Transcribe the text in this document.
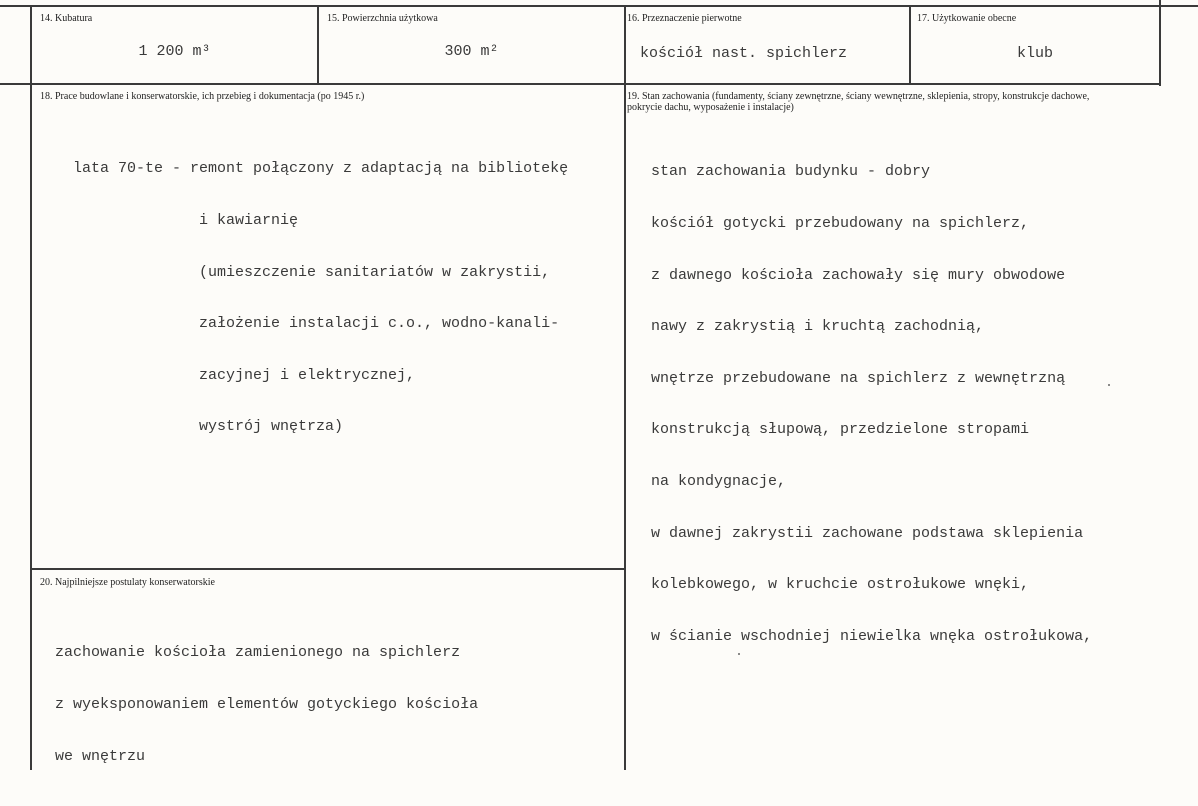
14. Kubatura
1 200 m³
15. Powierzchnia użytkowa
300 m²
16. Przeznaczenie pierwotne
kościół nast. spichlerz
17. Użytkowanie obecne
klub
18. Prace budowlane i konserwatorskie, ich przebieg i dokumentacja (po 1945 r.)

lata 70-te - remont połączony z adaptacją na bibliotekę

i kawiarnię

(umieszczenie sanitariatów w zakrystii,

założenie instalacji c.o., wodno-kanali-

zacyjnej i elektrycznej,

wystrój wnętrza)

19. Stan zachowania (fundamenty, ściany zewnętrzne, ściany wewnętrzne, sklepienia, stropy, konstrukcje dachowe,
pokrycie dachu, wyposażenie i instalacje)

stan zachowania budynku - dobry

kościół gotycki przebudowany na spichlerz,

z dawnego kościoła zachowały się mury obwodowe

nawy z zakrystią i kruchtą zachodnią,

wnętrze przebudowane na spichlerz z wewnętrzną

konstrukcją słupową, przedzielone stropami

na kondygnacje,

w dawnej zakrystii zachowane podstawa sklepienia

kolebkowego, w kruchcie ostrołukowe wnęki,

w ścianie wschodniej niewielka wnęka ostrołukowa,

20. Najpilniejsze postulaty konserwatorskie

zachowanie kościoła zamienionego na spichlerz

z wyeksponowaniem elementów gotyckiego kościoła

we wnętrzu
